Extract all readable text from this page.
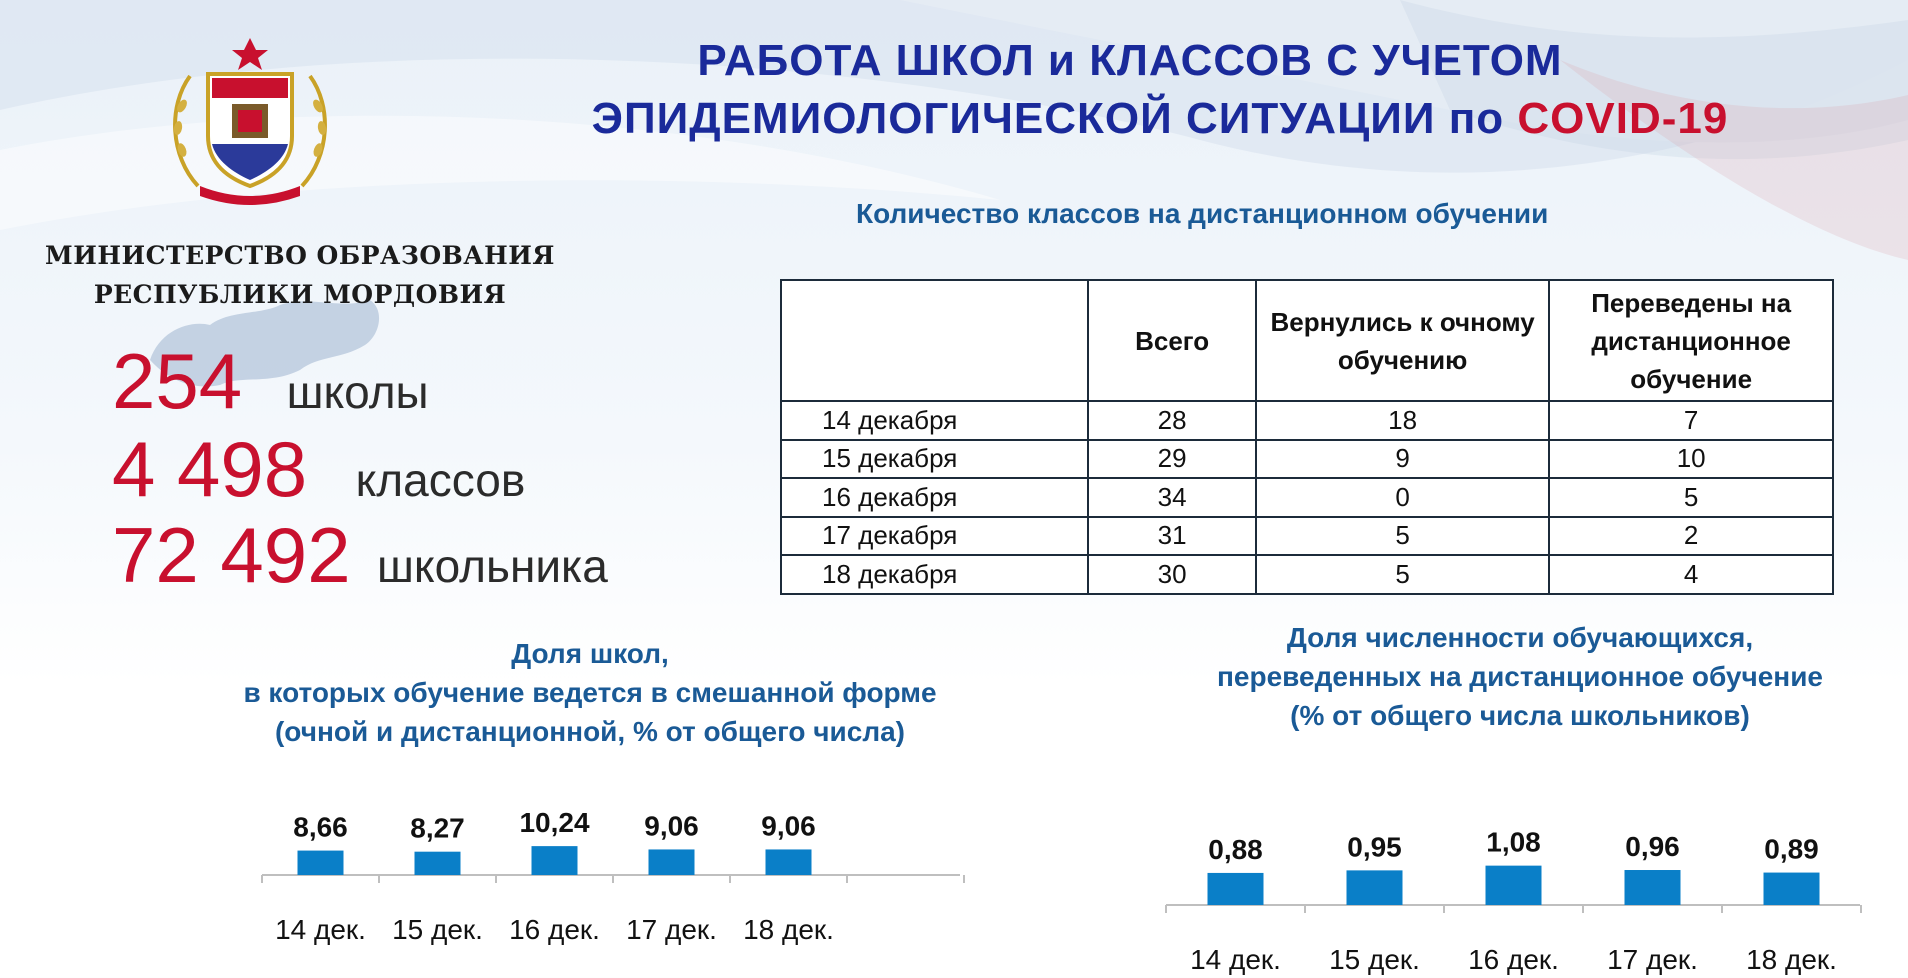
РАБОТА ШКОЛ и КЛАССОВ С УЧЕТОМ
ЭПИДЕМИОЛОГИЧЕСКОЙ СИТУАЦИИ по COVID-19
МИНИСТЕРСТВО ОБРАЗОВАНИЯ
РЕСПУБЛИКИ МОРДОВИЯ
254 школы
4 498 классов
72 492 школьника
Количество классов на дистанционном обучении
	Всего	Вернулись к очному обучению	Переведены на дистанционное обучение
14 декабря	28	18	7
15 декабря	29	9	10
16 декабря	34	0	5
17 декабря	31	5	2
18 декабря	30	5	4
Доля школ,
в которых обучение ведется в смешанной форме
(очной и дистанционной, % от общего числа)
8,66
14 дек.
8,27
15 дек.
10,24
16 дек.
9,06
17 дек.
9,06
18 дек.
Доля численности обучающихся,
переведенных на дистанционное обучение
(% от общего числа школьников)
0,88
14 дек.
0,95
15 дек.
1,08
16 дек.
0,96
17 дек.
0,89
18 дек.
